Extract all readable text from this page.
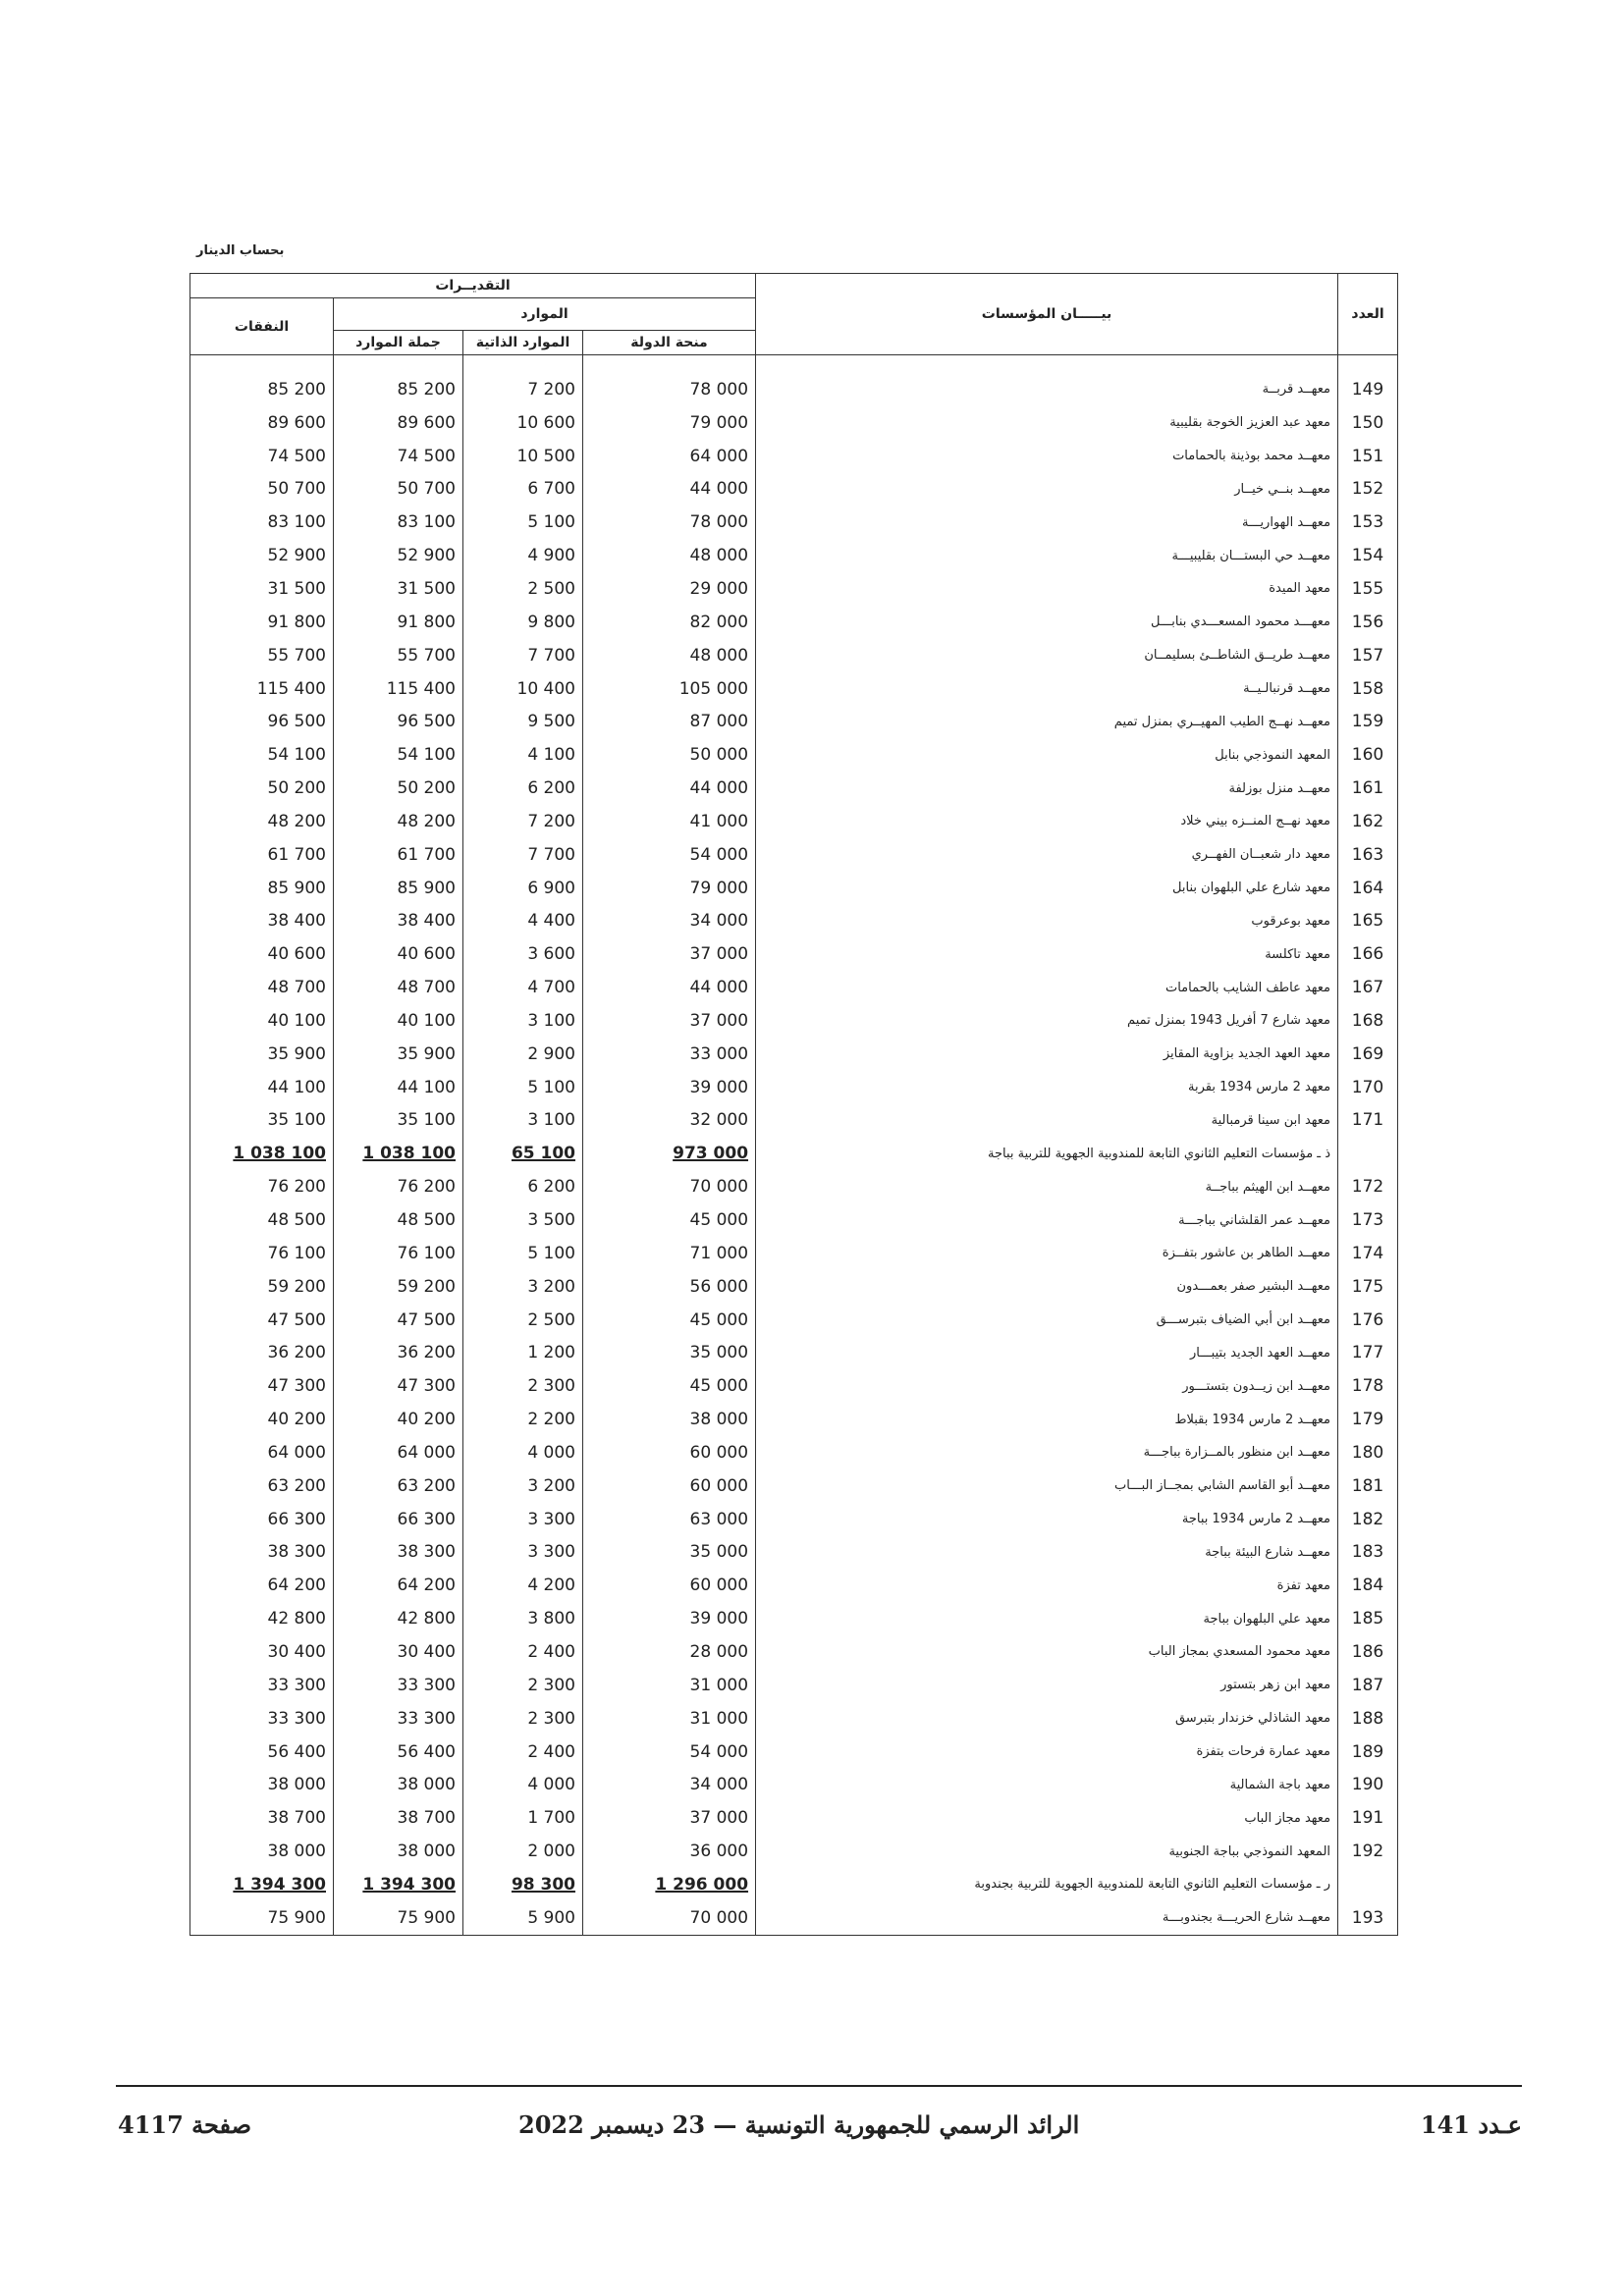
بحساب الدينار
التقديــرات				بيـــــان المؤسسات	العدد
النفقات	الموارد				
	جملة الموارد	الموارد الذاتية	منحة الدولة		

85 200	85 200	7 200	78 000	معهــد قربــة	149
89 600	89 600	10 600	79 000	معهد عبد العزيز الخوجة بقليبية	150
74 500	74 500	10 500	64 000	معهــد محمد بوذينة بالحمامات	151
50 700	50 700	6 700	44 000	معهــد بنــي خيــار	152
83 100	83 100	5 100	78 000	معهــد الهواريـــة	153
52 900	52 900	4 900	48 000	معهــد حي البستـــان بقليبيـــة	154
31 500	31 500	2 500	29 000	معهد الميدة	155
91 800	91 800	9 800	82 000	معهـــد محمود المسعـــدي بنابـــل	156
55 700	55 700	7 700	48 000	معهــد طريــق الشاطــئ بسليمــان	157
115 400	115 400	10 400	105 000	معهــد قرنبالـيــة	158
96 500	96 500	9 500	87 000	معهــد نهــج الطيب المهيــري بمنزل تميم	159
54 100	54 100	4 100	50 000	المعهد النموذجي بنابل	160
50 200	50 200	6 200	44 000	معهــد منزل بوزلفة	161
48 200	48 200	7 200	41 000	معهد نهــج المنــزه بيني خلاد	162
61 700	61 700	7 700	54 000	معهد دار شعبــان الفهــري	163
85 900	85 900	6 900	79 000	معهد شارع علي البلهوان بنابل	164
38 400	38 400	4 400	34 000	معهد بوعرقوب	165
40 600	40 600	3 600	37 000	معهد تاكلسة	166
48 700	48 700	4 700	44 000	معهد عاطف الشايب بالحمامات	167
40 100	40 100	3 100	37 000	معهد شارع 7 أفريل 1943 بمنزل تميم	168
35 900	35 900	2 900	33 000	معهد العهد الجديد بزاوية المقايز	169
44 100	44 100	5 100	39 000	معهد 2 مارس 1934 بقربة	170
35 100	35 100	3 100	32 000	معهد ابن سينا قرمبالية	171
1 038 100	1 038 100	65 100	973 000	ذ ـ مؤسسات التعليم الثانوي التابعة للمندوبية الجهوية للتربية بباجة	
76 200	76 200	6 200	70 000	معهــد ابن الهيثم بباجــة	172
48 500	48 500	3 500	45 000	معهــد عمر القلشاني بباجـــة	173
76 100	76 100	5 100	71 000	معهــد الطاهر بن عاشور بتفــزة	174
59 200	59 200	3 200	56 000	معهــد البشير صفر بعمـــدون	175
47 500	47 500	2 500	45 000	معهــد ابن أبي الضياف بتبرســـق	176
36 200	36 200	1 200	35 000	معهــد العهد الجديد بتيبـــار	177
47 300	47 300	2 300	45 000	معهــد ابن زيــدون بتستـــور	178
40 200	40 200	2 200	38 000	معهــد 2 مارس 1934 بقبلاط	179
64 000	64 000	4 000	60 000	معهــد ابن منظور بالمــزارة بباجـــة	180
63 200	63 200	3 200	60 000	معهــد أبو القاسم الشابي بمجــاز البـــاب	181
66 300	66 300	3 300	63 000	معهــد 2 مارس 1934 بباجة	182
38 300	38 300	3 300	35 000	معهــد شارع البيئة بباجة	183
64 200	64 200	4 200	60 000	معهد تفزة	184
42 800	42 800	3 800	39 000	معهد علي البلهوان بباجة	185
30 400	30 400	2 400	28 000	معهد محمود المسعدي بمجاز الباب	186
33 300	33 300	2 300	31 000	معهد ابن زهر بتستور	187
33 300	33 300	2 300	31 000	معهد الشاذلي خزندار بتبرسق	188
56 400	56 400	2 400	54 000	معهد عمارة فرحات بتفزة	189
38 000	38 000	4 000	34 000	معهد باجة الشمالية	190
38 700	38 700	1 700	37 000	معهد مجاز الباب	191
38 000	38 000	2 000	36 000	المعهد النموذجي بباجة الجنوبية	192
1 394 300	1 394 300	98 300	1 296 000	ر ـ مؤسسات التعليم الثانوي التابعة للمندوبية الجهوية للتربية بجندوبة	
75 900	75 900	5 900	70 000	معهــد شارع الحريـــة بجندوبـــة	193
صفحة 4117	الرائد الرسمي للجمهورية التونسية — 23 ديسمبر 2022	عـدد 141
